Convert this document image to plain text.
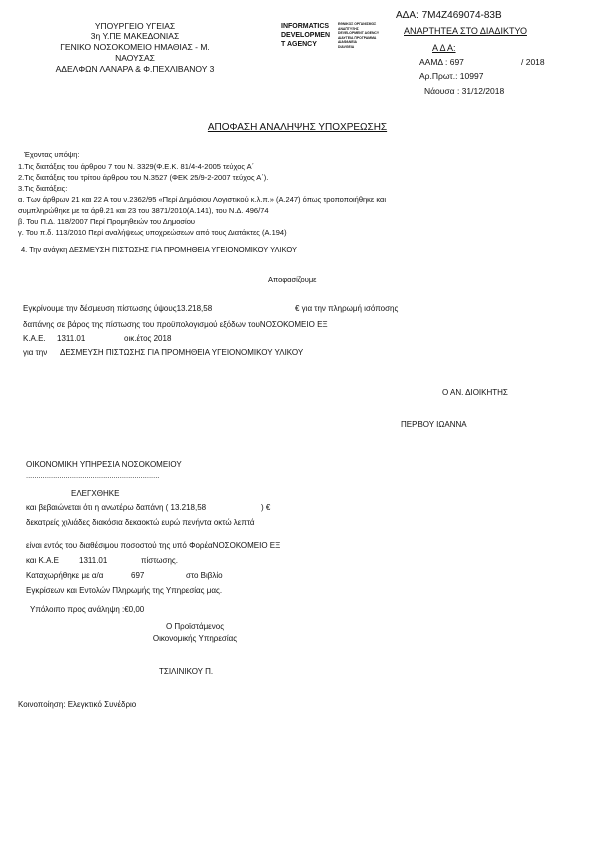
ΥΠΟΥΡΓΕΙΟ ΥΓΕΙΑΣ
3η Υ.ΠΕ ΜΑΚΕΔΟΝΙΑΣ
ΓΕΝΙΚΟ ΝΟΣΟΚΟΜΕΙΟ ΗΜΑΘΙΑΣ - Μ.
ΝΑΟΥΣΑΣ
ΑΔΕΛΦΩΝ ΛΑΝΑΡΑ & Φ.ΠΕΧΛΙΒΑΝΟΥ 3
INFORMATICS
DEVELOPMEN
T AGENCY
ΕΘΝΙΚΟΣ ΟΡΓΑΝΙΣΜΟΣ
ΑΝΑΠΤΥΞΗΣ
DEVELOPMENT AGENCY
ΔΙΑΥΓΕΙΑ ΠΡΟΓΡΑΜΜΑ
ΔΙΑΦΑΝΕΙΑ
DIAVGEIA
ΑΔΑ: 7Μ4Ζ469074-83Β
ΑΝΑΡΤΗΤΕΑ ΣΤΟ ΔΙΑΔΙΚΤΥΟ
Α Δ Α:
ΑΑΜΔ : 697	/ 2018
Αρ.Πρωτ.: 10997
Νάουσα : 31/12/2018
ΑΠΟΦΑΣΗ ΑΝΑΛΗΨΗΣ ΥΠΟΧΡΕΩΣΗΣ
Έχοντας υπόψη:
1.Τις διατάξεις του άρθρου 7 του Ν. 3329(Φ.Ε.Κ. 81/4-4-2005 τεύχος Α΄
2.Τις διατάξεις του τρίτου άρθρου του Ν.3527 (ΦΕΚ 25/9-2-2007 τεύχος Α΄).
3.Τις διατάξεις:
α. Των άρθρων 21 και 22 Α του ν.2362/95 «Περί Δημόσιου Λογιστικού κ.λ.π.» (Α.247) όπως τροποποιήθηκε και
συμπληρώθηκε με τα άρθ.21 και 23 του 3871/2010(Α.141), του Ν.Δ. 496/74
β. Του Π.Δ. 118/2007 Περί Προμηθειών του Δημοσίου
γ. Του π.δ. 113/2010 Περί αναλήψεως υποχρεώσεων από τους Διατάκτες (Α.194)
4. Την ανάγκη ΔΕΣΜΕΥΣΗ ΠΙΣΤΩΣΗΣ ΓΙΑ ΠΡΟΜΗΘΕΙΑ ΥΓΕΙΟΝΟΜΙΚΟΥ ΥΛΙΚΟΥ
Αποφασίζουμε
Εγκρίνουμε την δέσμευση πίστωσης ύψους13.218,58	€ για την πληρωμή ισόποσης
δαπάνης σε βάρος της πίστωσης του προϋπολογισμού εξόδων τουΝΟΣΟΚΟΜΕΙΟ ΕΞ
Κ.Α.Ε. 1311.01	οικ.έτος 2018
για την ΔΕΣΜΕΥΣΗ ΠΙΣΤΩΣΗΣ ΓΙΑ ΠΡΟΜΗΘΕΙΑ ΥΓΕΙΟΝΟΜΙΚΟΥ ΥΛΙΚΟΥ
Ο ΑΝ. ΔΙΟΙΚΗΤΗΣ
ΠΕΡΒΟΥ ΙΩΑΝΝΑ
ΟΙΚΟΝΟΜΙΚΗ ΥΠΗΡΕΣΙΑ ΝΟΣΟΚΟΜΕΙΟΥ
................................................................
ΕΛΕΓΧΘΗΚΕ
και βεβαιώνεται ότι η ανωτέρω δαπάνη ( 13.218,58	) €
δεκατρείς χιλιάδες διακόσια δεκαοκτώ ευρώ πενήντα οκτώ λεπτά
είναι εντός του διαθέσιμου ποσοστού της υπό ΦορέαΝΟΣΟΚΟΜΕΙΟ ΕΞ
και Κ.Α.Ε	1311.01	πίστωσης.
Καταχωρήθηκε με α/α	697	στο Βιβλίο
Εγκρίσεων και Εντολών Πληρωμής της Υπηρεσίας μας.
Υπόλοιπο προς ανάληψη :€0,00
Ο Προϊστάμενος
Οικονομικής Υπηρεσίας
ΤΣΙΛΙΝΙΚΟΥ Π.
Κοινοποίηση: Ελεγκτικό Συνέδριο
